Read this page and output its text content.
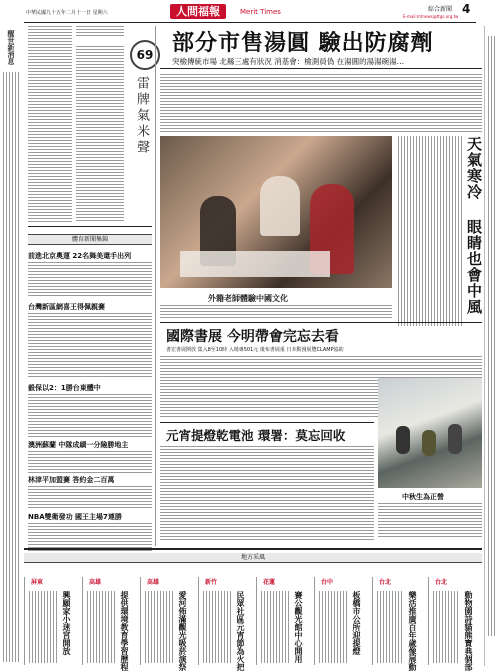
中華民國九十五年二月十一日 星期六	人間福報	Merit Times	綜合新聞 4
E-mail:mtnews@ttgs.org.tw
醒世新消息	69
雷牌氣米聲
體育新聞集錦
前進北京奧運 22名舞美還手出列
台灣新區網喜王得佩親賽
毅保以2：1勝台東體中
澳洲蘇蘭 中隊成績一分險勝地主
林津平加盟賽 答約金二百萬
NBA雙衛發功 國王主場7連勝
部分市售湯圓 驗出防腐劑
突檢傳統市場 北縣三處有狀況 消基會：檢測員偽 在湯圓的湯湯碗湯…
外籍老師體驗中國文化	天氣寒冷 眼睛也會中風
國際書展 今明帶㑹完忘去看
書宏書展開放 集入8至10時 入場專501元 後布書展重 日本動漫展覽CLAMP協助
中秋生為正營
元宵提燈乾電池 環署：莫忘回收
地方采風
屏東
興願家小迷宮開放
高雄
提供環境教育學習歷程
高雄
愛河佈滿觀光吸菸演祭
新竹
民眾社區元宵節為火把
花蓮
賽公觀光館中心開用
台中
板橋市公所迎提燈
台北
樂活推廣百年歲像展動
台北
動物園詩貓熊寶典個部
